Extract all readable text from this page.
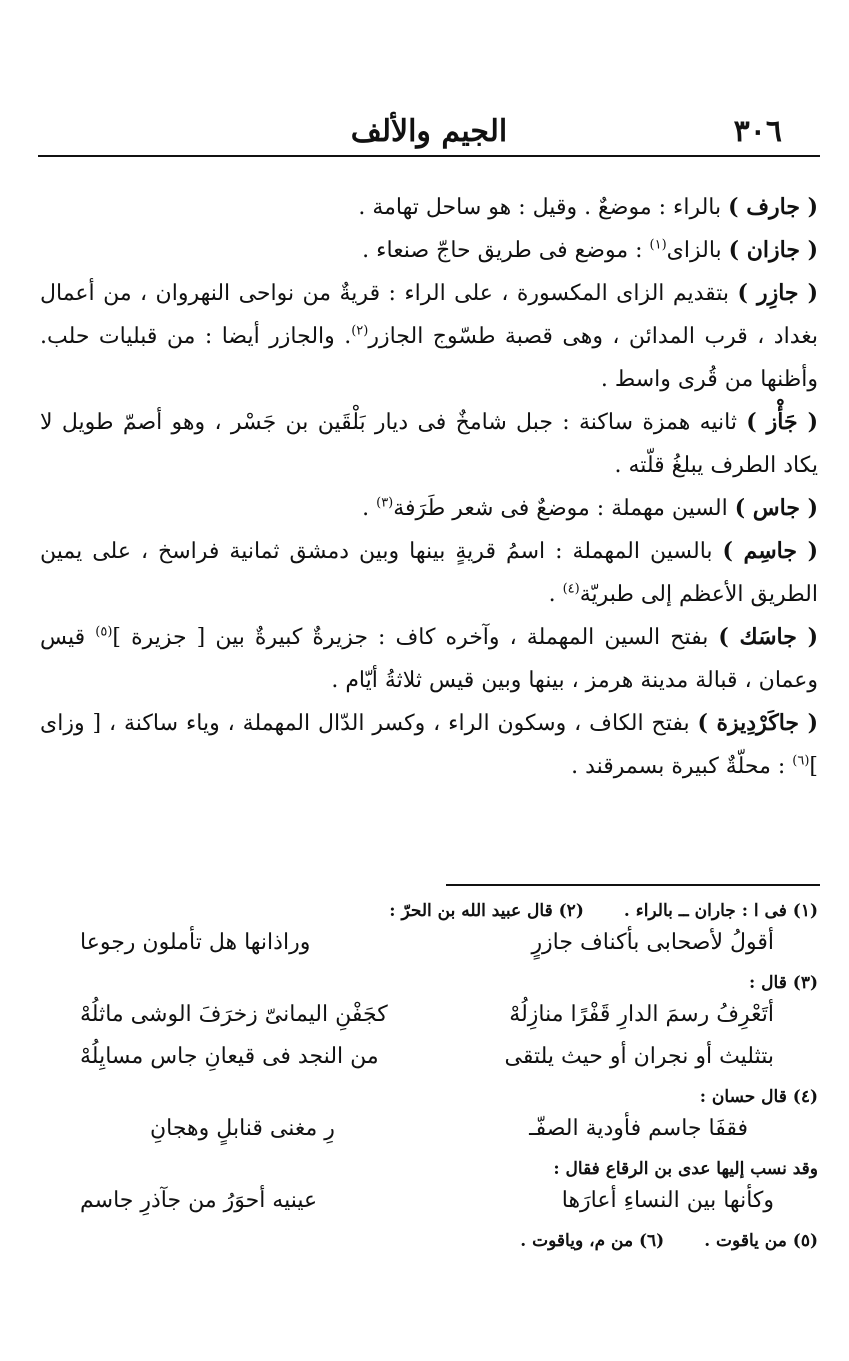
٣٠٦
الجيم والألف
( جارف ) بالراء : موضعٌ . وقيل : هو ساحل تهامة .
( جازان ) بالزاى$^{(١)}$ : موضع فى طريق حاجّ صنعاء .
( جازِر ) بتقديم الزاى المكسورة ، على الراء : قريةٌ من نواحى النهروان ، من أعمال بغداد ، قرب المدائن ، وهى قصبة طسّوج الجازر$^{(٢)}$. والجازر أيضا : من قبليات حلب. وأظنها من قُرى واسط .
( جَأْز ) ثانيه همزة ساكنة : جبل شامخٌ فى ديار بَلْقَين بن جَسْر ، وهو أصمّ طويل لا يكاد الطرف يبلغُ قلّته .
( جاس ) السين مهملة : موضعٌ فى شعر طَرَفة$^{(٣)}$ .
( جاسِم ) بالسين المهملة : اسمُ قريةٍ بينها وبين دمشق ثمانية فراسخ ، على يمين الطريق الأعظم إلى طبريّة$^{(٤)}$ .
( جاسَك ) بفتح السين المهملة ، وآخره كاف : جزيرةٌ كبيرةٌ بين [ جزيرة ]$^{(٥)}$ قيس وعمان ، قبالة مدينة هرمز ، بينها وبين قيس ثلاثةُ أيّام .
( جاكَرْدِيزة ) بفتح الكاف ، وسكون الراء ، وكسر الدّال المهملة ، وياء ساكنة ، [ وزاى ]$^{(٦)}$ : محلّةٌ كبيرة بسمرقند .
(١) فى ا : جاران ــ بالراء .(٢) قال عبيد الله بن الحرّ :
أقولُ لأصحابى بأكناف جازرٍ
وراذانها هل تأملون رجوعا
(٣) قال :
أتَعْرِفُ رسمَ الدارِ قَفْرًا منازِلُهْ
كجَفْنِ اليمانىّ زخرَفَ الوشى ماثلُهْ
بتثليث أو نجران أو حيث يلتقى
من النجد فى قيعانِ جاس مسايِلُهْ
(٤) قال حسان :
فقفَا جاسم فأودية الصفّـ
رِ مغنى قنابلٍ وهجانِ
وقد نسب إليها عدى بن الرقاع فقال :
وكأنها بين النساءِ أعارَها
عينيه أحوَرُ من جآذرِ جاسم
(٥) من ياقوت .(٦) من م، وياقوت .
